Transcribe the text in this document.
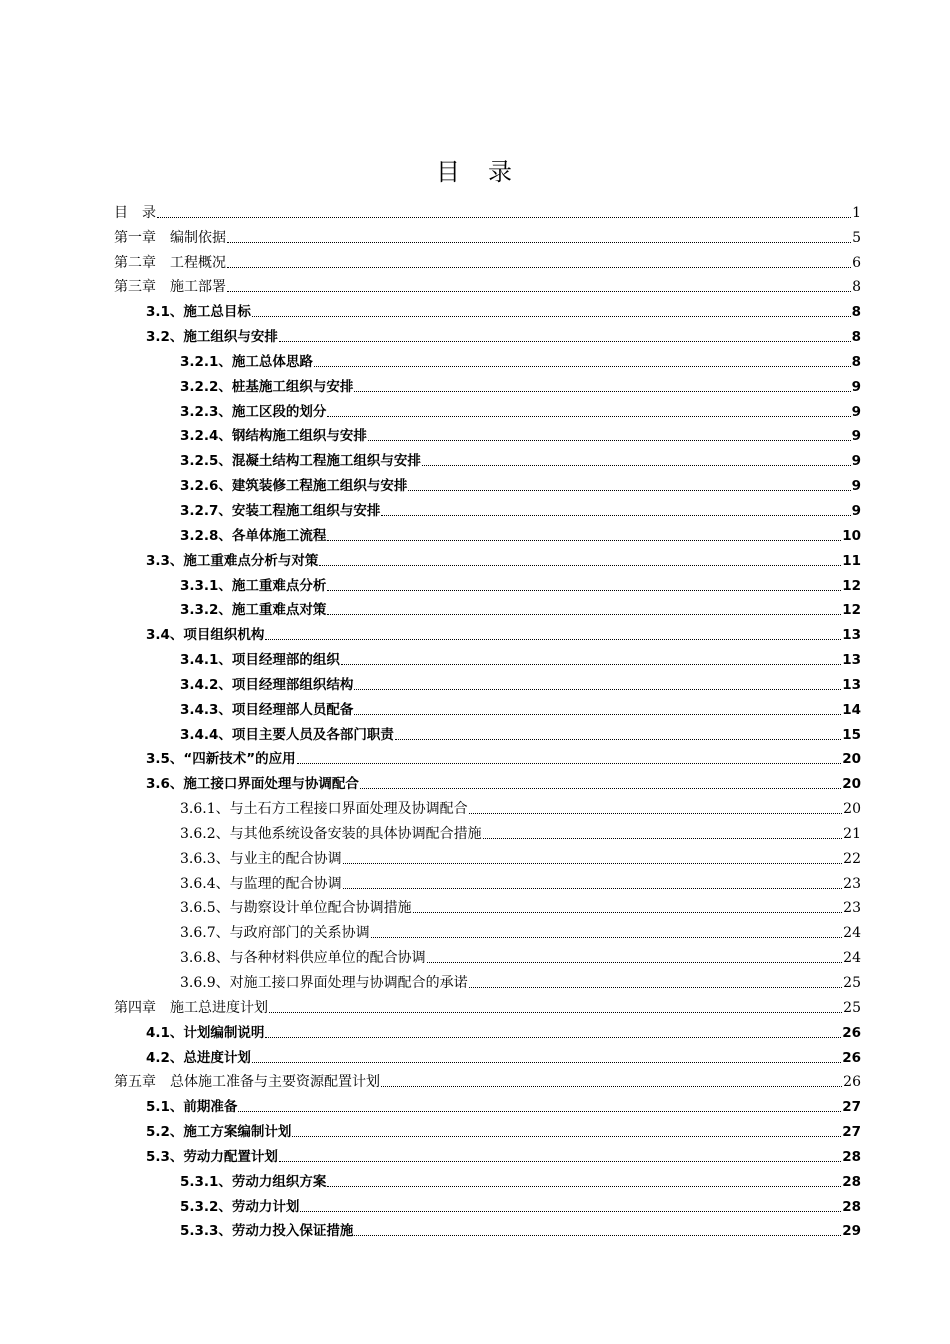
目　录
目　录	1
第一章　编制依据	5
第二章　工程概况	6
第三章　施工部署	8
3.1、施工总目标	8
3.2、施工组织与安排	8
3.2.1、施工总体思路	8
3.2.2、桩基施工组织与安排	9
3.2.3、施工区段的划分	9
3.2.4、钢结构施工组织与安排	9
3.2.5、混凝土结构工程施工组织与安排	9
3.2.6、建筑装修工程施工组织与安排	9
3.2.7、安装工程施工组织与安排	9
3.2.8、各单体施工流程	10
3.3、施工重难点分析与对策	11
3.3.1、施工重难点分析	12
3.3.2、施工重难点对策	12
3.4、项目组织机构	13
3.4.1、项目经理部的组织	13
3.4.2、项目经理部组织结构	13
3.4.3、项目经理部人员配备	14
3.4.4、项目主要人员及各部门职责	15
3.5、“四新技术”的应用	20
3.6、施工接口界面处理与协调配合	20
3.6.1、与土石方工程接口界面处理及协调配合	20
3.6.2、与其他系统设备安装的具体协调配合措施	21
3.6.3、与业主的配合协调	22
3.6.4、与监理的配合协调	23
3.6.5、与勘察设计单位配合协调措施	23
3.6.7、与政府部门的关系协调	24
3.6.8、与各种材料供应单位的配合协调	24
3.6.9、对施工接口界面处理与协调配合的承诺	25
第四章　施工总进度计划	25
4.1、计划编制说明	26
4.2、总进度计划	26
第五章　总体施工准备与主要资源配置计划	26
5.1、前期准备	27
5.2、施工方案编制计划	27
5.3、劳动力配置计划	28
5.3.1、劳动力组织方案	28
5.3.2、劳动力计划	28
5.3.3、劳动力投入保证措施	29
